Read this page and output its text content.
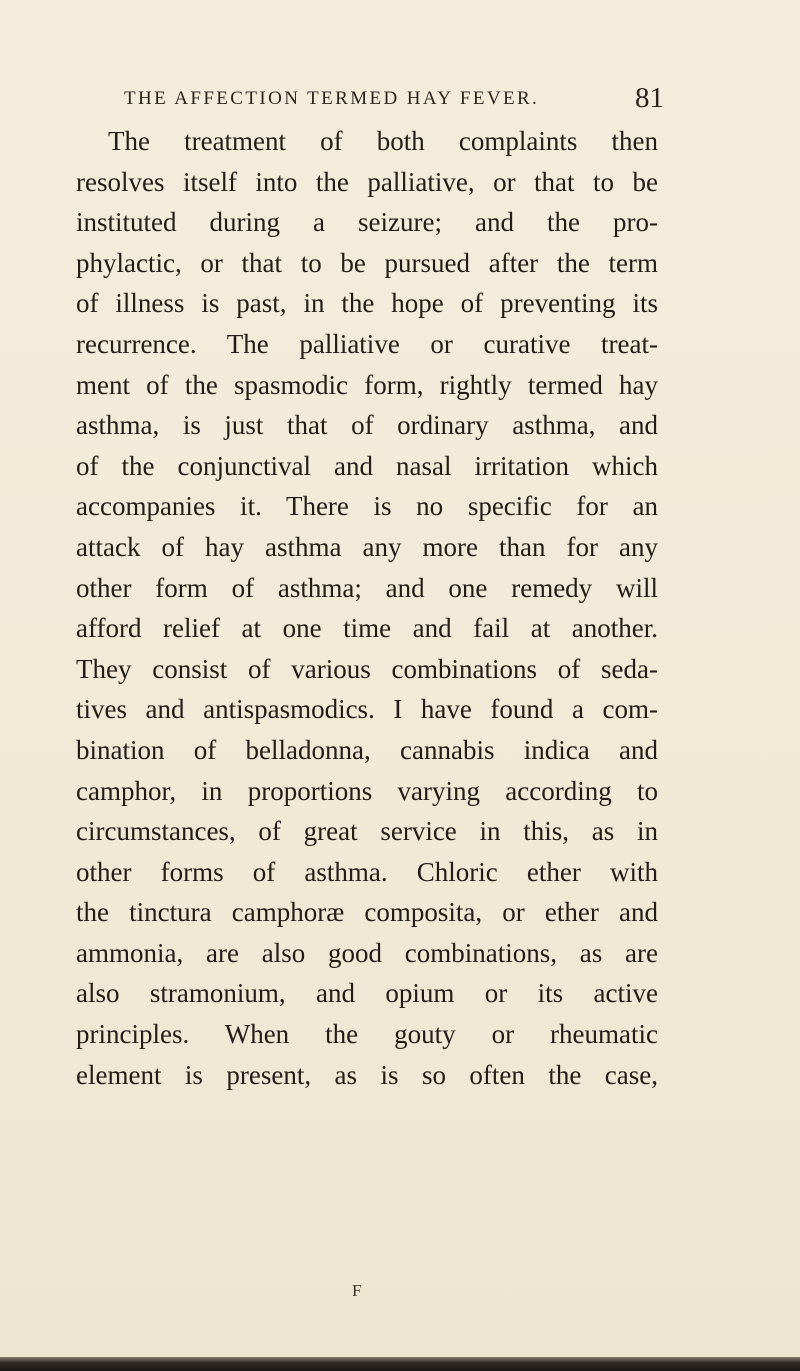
THE AFFECTION TERMED HAY FEVER.	81
The treatment of both complaints then
resolves itself into the palliative, or that to be
instituted during a seizure; and the pro-
phylactic, or that to be pursued after the term
of illness is past, in the hope of preventing its
recurrence. The palliative or curative treat-
ment of the spasmodic form, rightly termed hay
asthma, is just that of ordinary asthma, and
of the conjunctival and nasal irritation which
accompanies it. There is no specific for an
attack of hay asthma any more than for any
other form of asthma; and one remedy will
afford relief at one time and fail at another.
They consist of various combinations of seda-
tives and antispasmodics. I have found a com-
bination of belladonna, cannabis indica and
camphor, in proportions varying according to
circumstances, of great service in this, as in
other forms of asthma. Chloric ether with
the tinctura camphoræ composita, or ether and
ammonia, are also good combinations, as are
also stramonium, and opium or its active
principles. When the gouty or rheumatic
element is present, as is so often the case,
F
